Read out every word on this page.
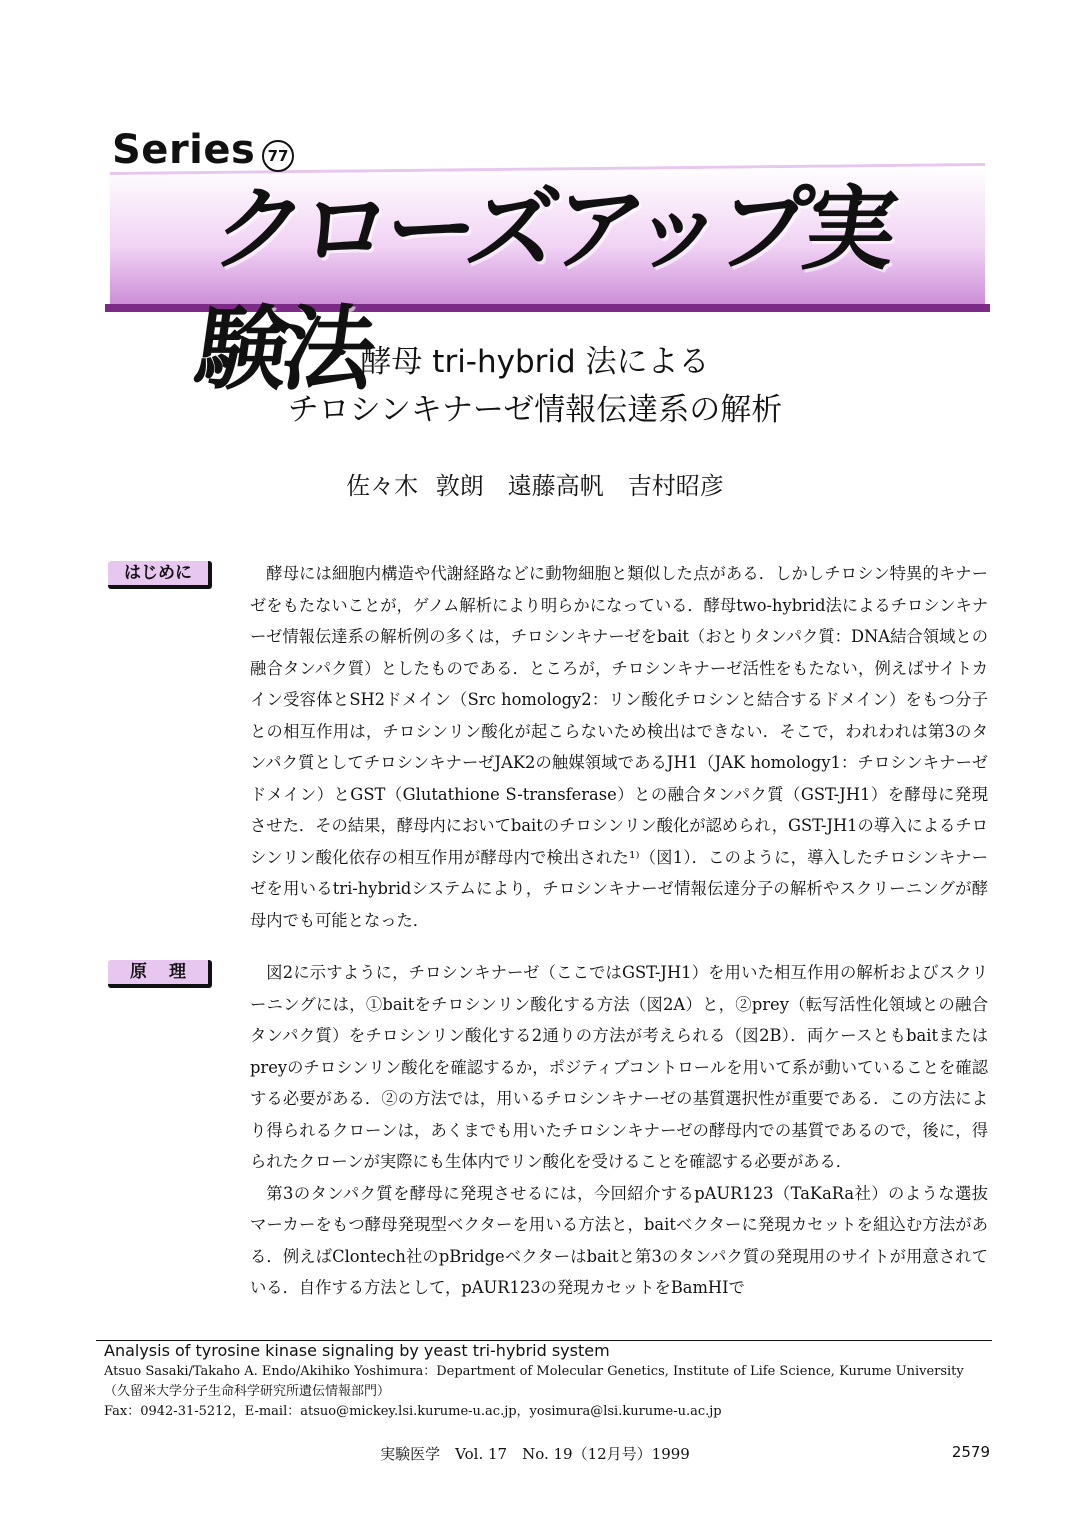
Series 77
クローズアップ実験法
酵母 tri-hybrid 法による
チロシンキナーゼ情報伝達系の解析
佐々木 敦朗　遠藤高帆　吉村昭彦
はじめに	酵母には細胞内構造や代謝経路などに動物細胞と類似した点がある．しかしチロシン特異的キナーゼをもたないことが，ゲノム解析により明らかになっている．酵母two-hybrid法によるチロシンキナーゼ情報伝達系の解析例の多くは，チロシンキナーゼをbait（おとりタンパク質：DNA結合領域との融合タンパク質）としたものである．ところが，チロシンキナーゼ活性をもたない，例えばサイトカイン受容体とSH2ドメイン（Src homology2：リン酸化チロシンと結合するドメイン）をもつ分子との相互作用は，チロシンリン酸化が起こらないため検出はできない．そこで，われわれは第3のタンパク質としてチロシンキナーゼJAK2の触媒領域であるJH1（JAK homology1：チロシンキナーゼドメイン）とGST（Glutathione S-transferase）との融合タンパク質（GST-JH1）を酵母に発現させた．その結果，酵母内においてbaitのチロシンリン酸化が認められ，GST-JH1の導入によるチロシンリン酸化依存の相互作用が酵母内で検出された¹⁾（図1）．このように，導入したチロシンキナーゼを用いるtri-hybridシステムにより，チロシンキナーゼ情報伝達分子の解析やスクリーニングが酵母内でも可能となった．

原理	図2に示すように，チロシンキナーゼ（ここではGST-JH1）を用いた相互作用の解析およびスクリーニングには，①baitをチロシンリン酸化する方法（図2A）と，②prey（転写活性化領域との融合タンパク質）をチロシンリン酸化する2通りの方法が考えられる（図2B）．両ケースともbaitまたはpreyのチロシンリン酸化を確認するか，ポジティブコントロールを用いて系が動いていることを確認する必要がある．②の方法では，用いるチロシンキナーゼの基質選択性が重要である．この方法により得られるクローンは，あくまでも用いたチロシンキナーゼの酵母内での基質であるので，後に，得られたクローンが実際にも生体内でリン酸化を受けることを確認する必要がある．

第3のタンパク質を酵母に発現させるには，今回紹介するpAUR123（TaKaRa社）のような選抜マーカーをもつ酵母発現型ベクターを用いる方法と，baitベクターに発現カセットを組込む方法がある．例えばClontech社のpBridgeベクターはbaitと第3のタンパク質の発現用のサイトが用意されている．自作する方法として，pAUR123の発現カセットをBamHIで

Analysis of tyrosine kinase signaling by yeast tri-hybrid system
Atsuo Sasaki/Takaho A. Endo/Akihiko Yoshimura：Department of Molecular Genetics, Institute of Life Science, Kurume University
（久留米大学分子生命科学研究所遺伝情報部門）
Fax：0942-31-5212，E-mail：atsuo@mickey.lsi.kurume-u.ac.jp，yosimura@lsi.kurume-u.ac.jp
実験医学　Vol. 17　No. 19（12月号）1999	2579
